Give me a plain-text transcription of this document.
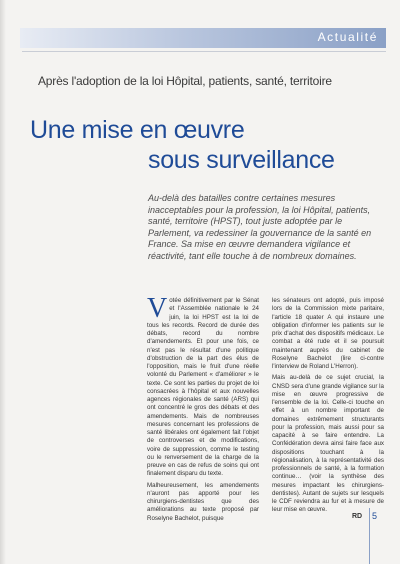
Actualité
Après l'adoption de la loi Hôpital, patients, santé, territoire
Une mise en œuvre
sous surveillance
Au-delà des batailles contre certaines mesures inacceptables pour la profession, la loi Hôpital, patients, santé, territoire (HPST), tout juste adoptée par le Parlement, va redessiner la gouvernance de la santé en France. Sa mise en œuvre demandera vigilance et réactivité, tant elle touche à de nombreux domaines.

Votée définitivement par le Sénat et l'Assemblée nationale le 24 juin, la loi HPST est la loi de tous les records. Record de durée des débats, record du nombre d'amendements. Et pour une fois, ce n'est pas le résultat d'une politique d'obstruction de la part des élus de l'opposition, mais le fruit d'une réelle volonté du Parlement « d'améliorer » le texte. Ce sont les parties du projet de loi consacrées à l'hôpital et aux nouvelles agences régionales de santé (ARS) qui ont concentré le gros des débats et des amendements. Mais de nombreuses mesures concernant les professions de santé libérales ont également fait l'objet de controverses et de modifications, voire de suppression, comme le testing ou le renversement de la charge de la preuve en cas de refus de soins qui ont finalement disparu du texte.

Malheureusement, les amendements n'auront pas apporté pour les chirurgiens-dentistes que des améliorations au texte proposé par Roselyne Bachelot, puisque

les sénateurs ont adopté, puis imposé lors de la Commission mixte paritaire, l'article 18 quater A qui instaure une obligation d'informer les patients sur le prix d'achat des dispositifs médicaux. Le combat a été rude et il se poursuit maintenant auprès du cabinet de Roselyne Bachelot (lire ci-contre l'interview de Roland L'Herron).

Mais au-delà de ce sujet crucial, la CNSD sera d'une grande vigilance sur la mise en œuvre progressive de l'ensemble de la loi. Celle-ci touche en effet à un nombre important de domaines extrêmement structurants pour la profession, mais aussi pour sa capacité à se faire entendre. La Confédération devra ainsi faire face aux dispositions touchant à la régionalisation, à la représentativité des professionnels de santé, à la formation continue… (voir la synthèse des mesures impactant les chirurgiens-dentistes). Autant de sujets sur lesquels le CDF reviendra au fur et à mesure de leur mise en œuvre.

RD 5
